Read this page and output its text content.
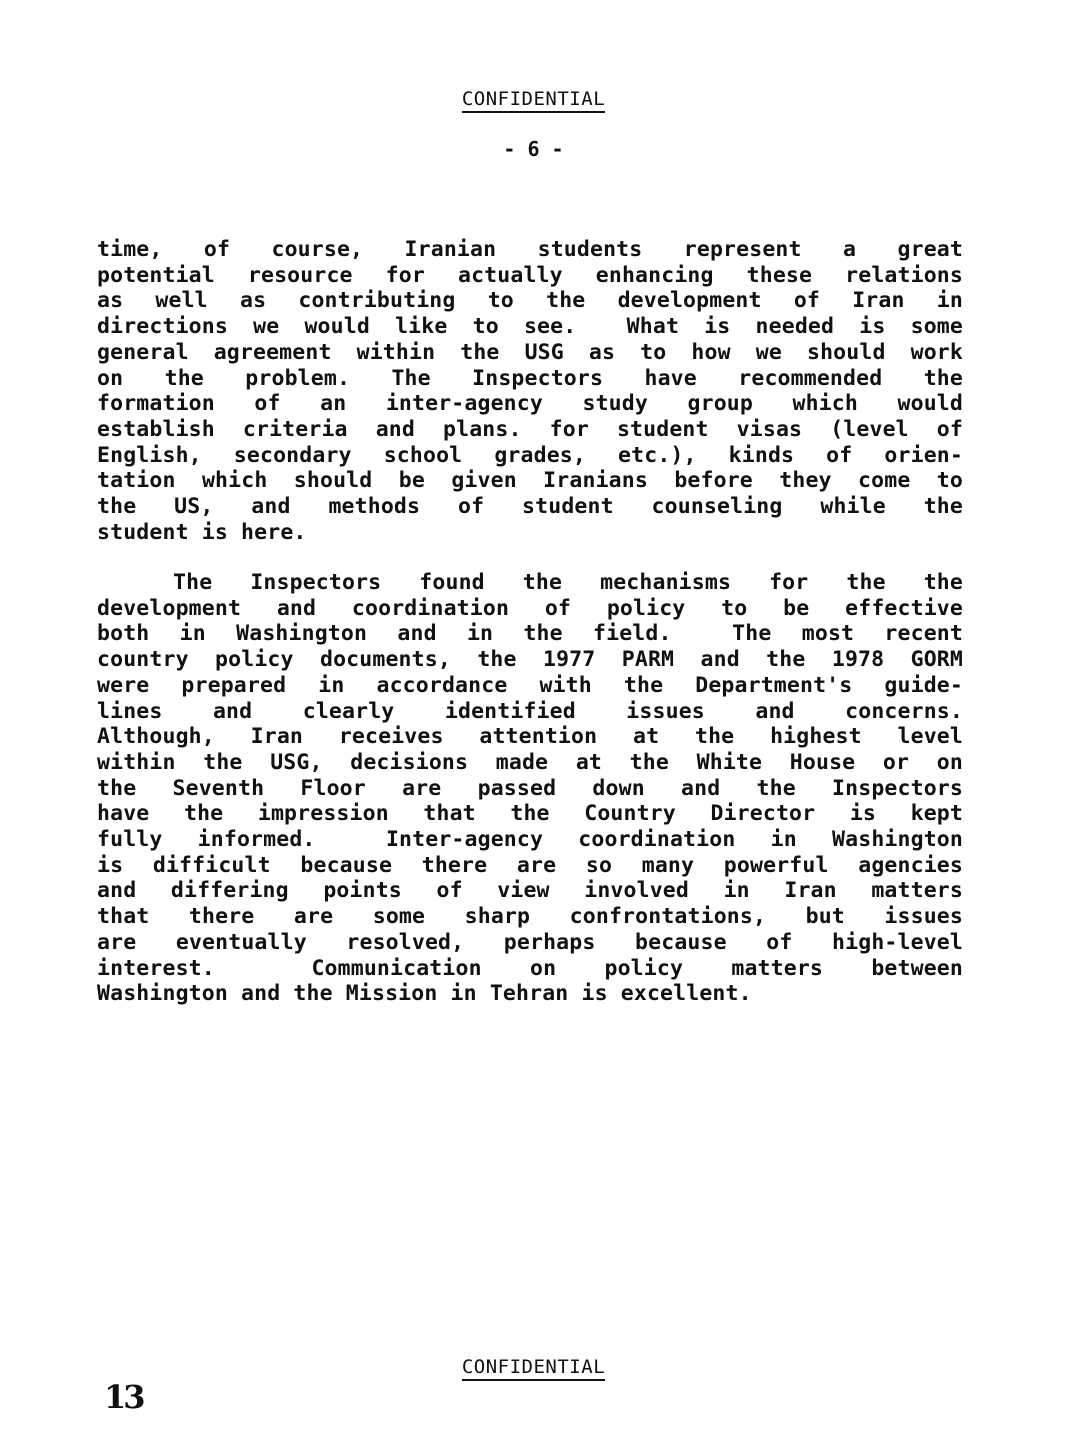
CONFIDENTIAL
- 6 -
time, of course, Iranian students represent a great
potential resource for actually enhancing these relations
as well as contributing to the development of Iran in
directions we would like to see.  What is needed is some
general agreement within the USG as to how we should work
on the problem. The Inspectors have recommended the
formation of an inter-agency study group which would
establish criteria and plans. for student visas (level of
English, secondary school grades, etc.), kinds of orien-
tation which should be given Iranians before they come to
the US, and methods of student counseling while the
student is here.
The Inspectors found the mechanisms for the the
development and coordination of policy to be effective
both in Washington and in the field.  The most recent
country policy documents, the 1977 PARM and the 1978 GORM
were prepared in accordance with the Department's guide-
lines and clearly identified issues and concerns.
Although, Iran receives attention at the highest level
within the USG, decisions made at the White House or on
the Seventh Floor are passed down and the Inspectors
have the impression that the Country Director is kept
fully informed.  Inter-agency coordination in Washington
is difficult because there are so many powerful agencies
and differing points of view involved in Iran matters
that there are some sharp confrontations, but issues
are eventually resolved, perhaps because of high-level
interest.  Communication on policy matters between
Washington and the Mission in Tehran is excellent.
CONFIDENTIAL
13
